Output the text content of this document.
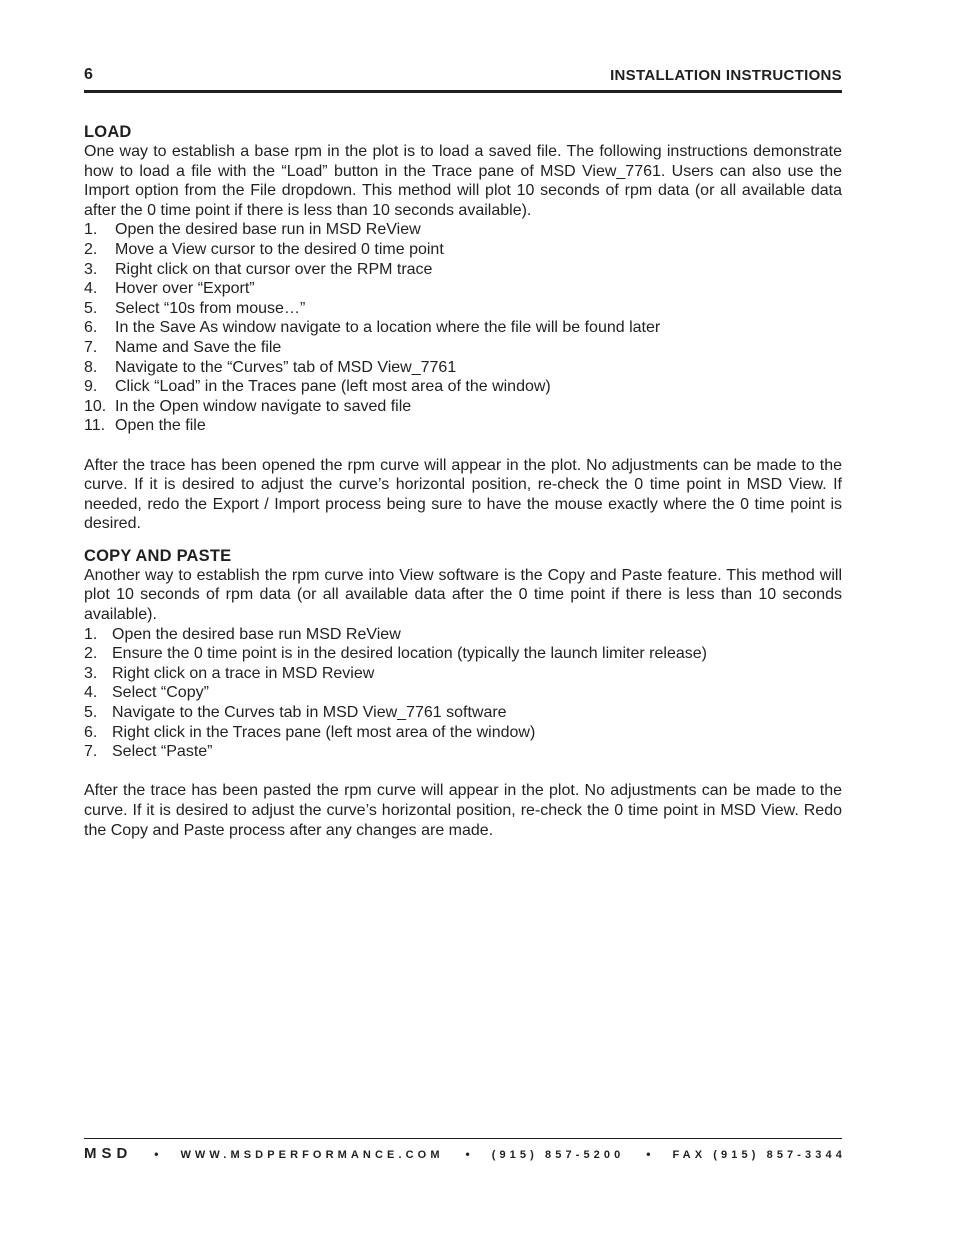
6	INSTALLATION INSTRUCTIONS
LOAD

One way to establish a base rpm in the plot is to load a saved file. The following instructions demonstrate how to load a file with the “Load” button in the Trace pane of MSD View_7761. Users can also use the Import option from the File dropdown. This method will plot 10 seconds of rpm data (or all available data after the 0 time point if there is less than 10 seconds available).

1. Open the desired base run in MSD ReView
2. Move a View cursor to the desired 0 time point
3. Right click on that cursor over the RPM trace
4. Hover over “Export”
5. Select “10s from mouse…”
6. In the Save As window navigate to a location where the file will be found later
7. Name and Save the file
8. Navigate to the “Curves” tab of MSD View_7761
9. Click “Load” in the Traces pane (left most area of the window)
10. In the Open window navigate to saved file
11. Open the file

After the trace has been opened the rpm curve will appear in the plot. No adjustments can be made to the curve. If it is desired to adjust the curve’s horizontal position, re-check the 0 time point in MSD View. If needed, redo the Export / Import process being sure to have the mouse exactly where the 0 time point is desired.

COPY AND PASTE

Another way to establish the rpm curve into View software is the Copy and Paste feature. This method will plot 10 seconds of rpm data (or all available data after the 0 time point if there is less than 10 seconds available).

1. Open the desired base run MSD ReView
2. Ensure the 0 time point is in the desired location (typically the launch limiter release)
3. Right click on a trace in MSD Review
4. Select “Copy”
5. Navigate to the Curves tab in MSD View_7761 software
6. Right click in the Traces pane (left most area of the window)
7. Select “Paste”

After the trace has been pasted the rpm curve will appear in the plot. No adjustments can be made to the curve. If it is desired to adjust the curve’s horizontal position, re-check the 0 time point in MSD View. Redo the Copy and Paste process after any changes are made.

MSD • WWW.MSDPERFORMANCE.COM • (915) 857-5200 • FAX (915) 857-3344
